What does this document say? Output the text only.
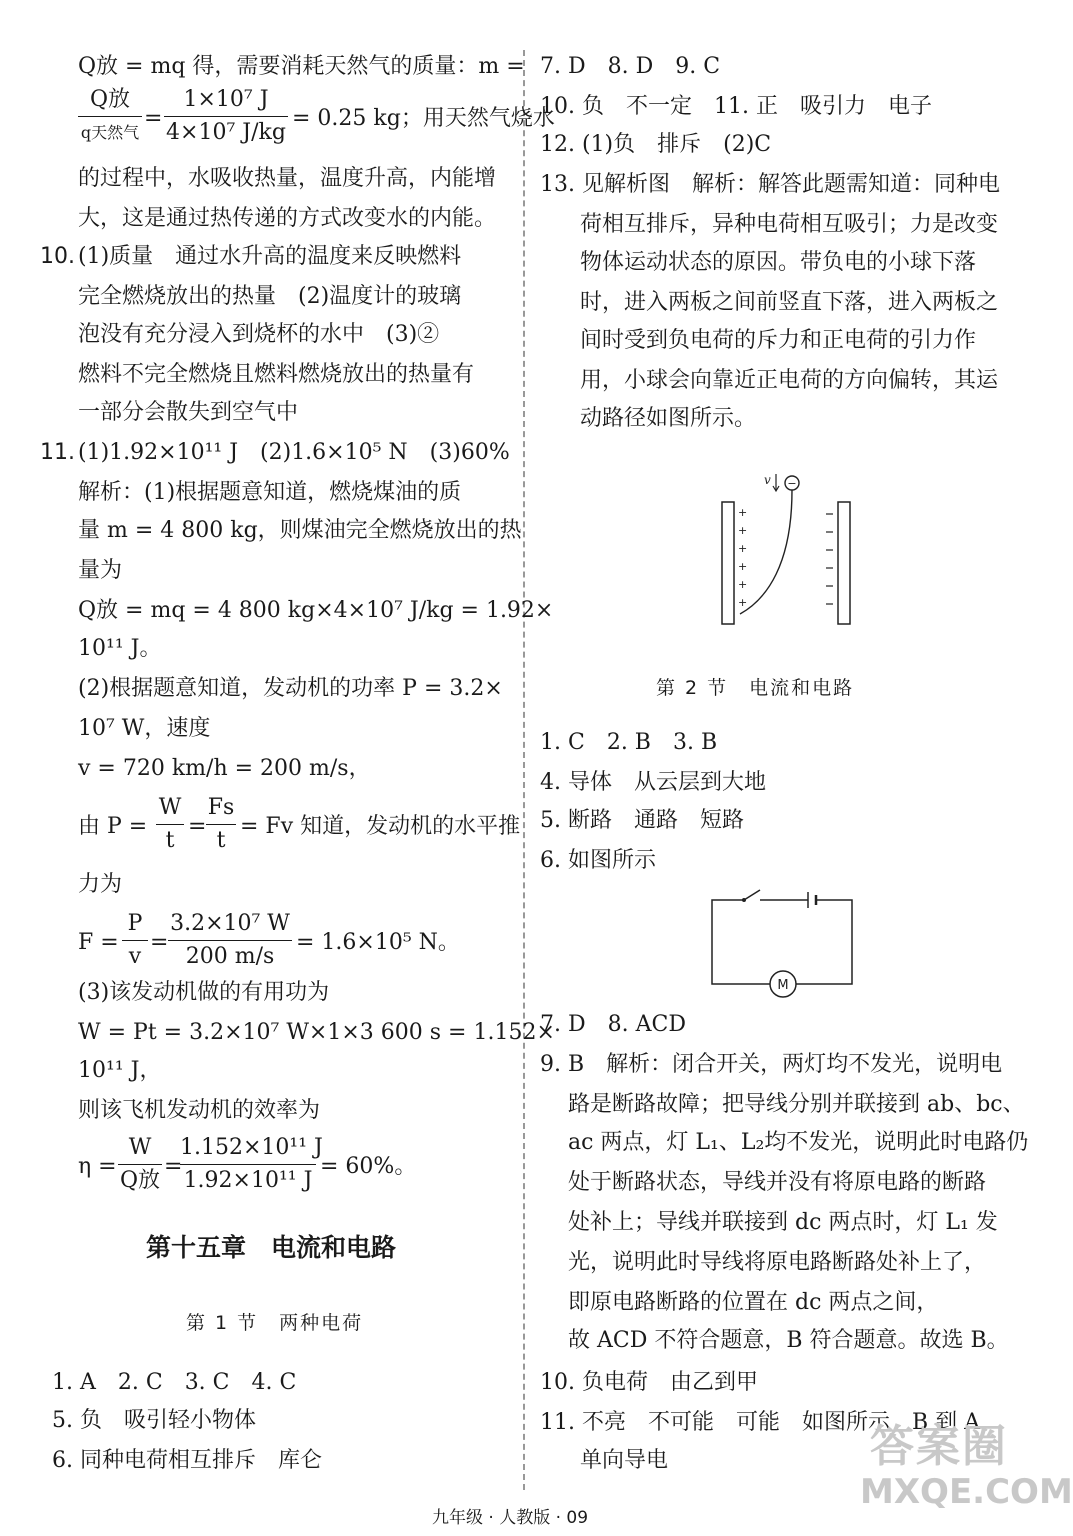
Q放 = mq 得，需要消耗天然气的质量：m =
Q放
q天然气
=
1×10⁷ J
4×10⁷ J/kg
= 0.25 kg；用天然气烧水
的过程中，水吸收热量，温度升高，内能增
大，这是通过热传递的方式改变水的内能。
10. (1)质量　通过水升高的温度来反映燃料
完全燃烧放出的热量　(2)温度计的玻璃
泡没有充分浸入到烧杯的水中　(3)②
燃料不完全燃烧且燃料燃烧放出的热量有
一部分会散失到空气中
11. (1)1.92×10¹¹ J　(2)1.6×10⁵ N　(3)60%
解析：(1)根据题意知道，燃烧煤油的质
量 m = 4 800 kg，则煤油完全燃烧放出的热
量为
Q放 = mq = 4 800 kg×4×10⁷ J/kg = 1.92×
10¹¹ J。
(2)根据题意知道，发动机的功率 P = 3.2×
10⁷ W，速度
v = 720 km/h = 200 m/s，
由 P =
W
t
=
Fs
t
= Fv 知道，发动机的水平推
力为
F =
P
v
=
3.2×10⁷ W
200 m/s
= 1.6×10⁵ N。
(3)该发动机做的有用功为
W = Pt = 3.2×10⁷ W×1×3 600 s = 1.152×
10¹¹ J，
则该飞机发动机的效率为
η =
W
Q放
=
1.152×10¹¹ J
1.92×10¹¹ J
= 60%。
第十五章　电流和电路
第 1 节　两种电荷
1. A　2. C　3. C　4. C
5. 负　吸引轻小物体
6. 同种电荷相互排斥　库仑
7. D　8. D　9. C
10. 负　不一定　11. 正　吸引力　电子
12. (1)负　排斥　(2)C
13. 见解析图　解析：解答此题需知道：同种电
荷相互排斥，异种电荷相互吸引；力是改变
物体运动状态的原因。带负电的小球下落
时，进入两板之间前竖直下落，进入两板之
间时受到负电荷的斥力和正电荷的引力作
用，小球会向靠近正电荷的方向偏转，其运
动路径如图所示。
+
+
+
+
+
+
−
v
第 2 节　电流和电路
1. C　2. B　3. B
4. 导体　从云层到大地
5. 断路　通路　短路
6. 如图所示
M
7. D　8. ACD
9. B　解析：闭合开关，两灯均不发光，说明电
路是断路故障；把导线分别并联接到 ab、bc、
ac 两点，灯 L₁、L₂均不发光，说明此时电路仍
处于断路状态，导线并没有将原电路的断路
处补上；导线并联接到 dc 两点时，灯 L₁ 发
光，说明此时导线将原电路断路处补上了，
即原电路断路的位置在 dc 两点之间，
故 ACD 不符合题意，B 符合题意。故选 B。
10. 负电荷　由乙到甲
11. 不亮　不可能　可能　如图所示　B 到 A
单向导电
九年级 · 人教版 · 09
答案圈
MXQE.COM
